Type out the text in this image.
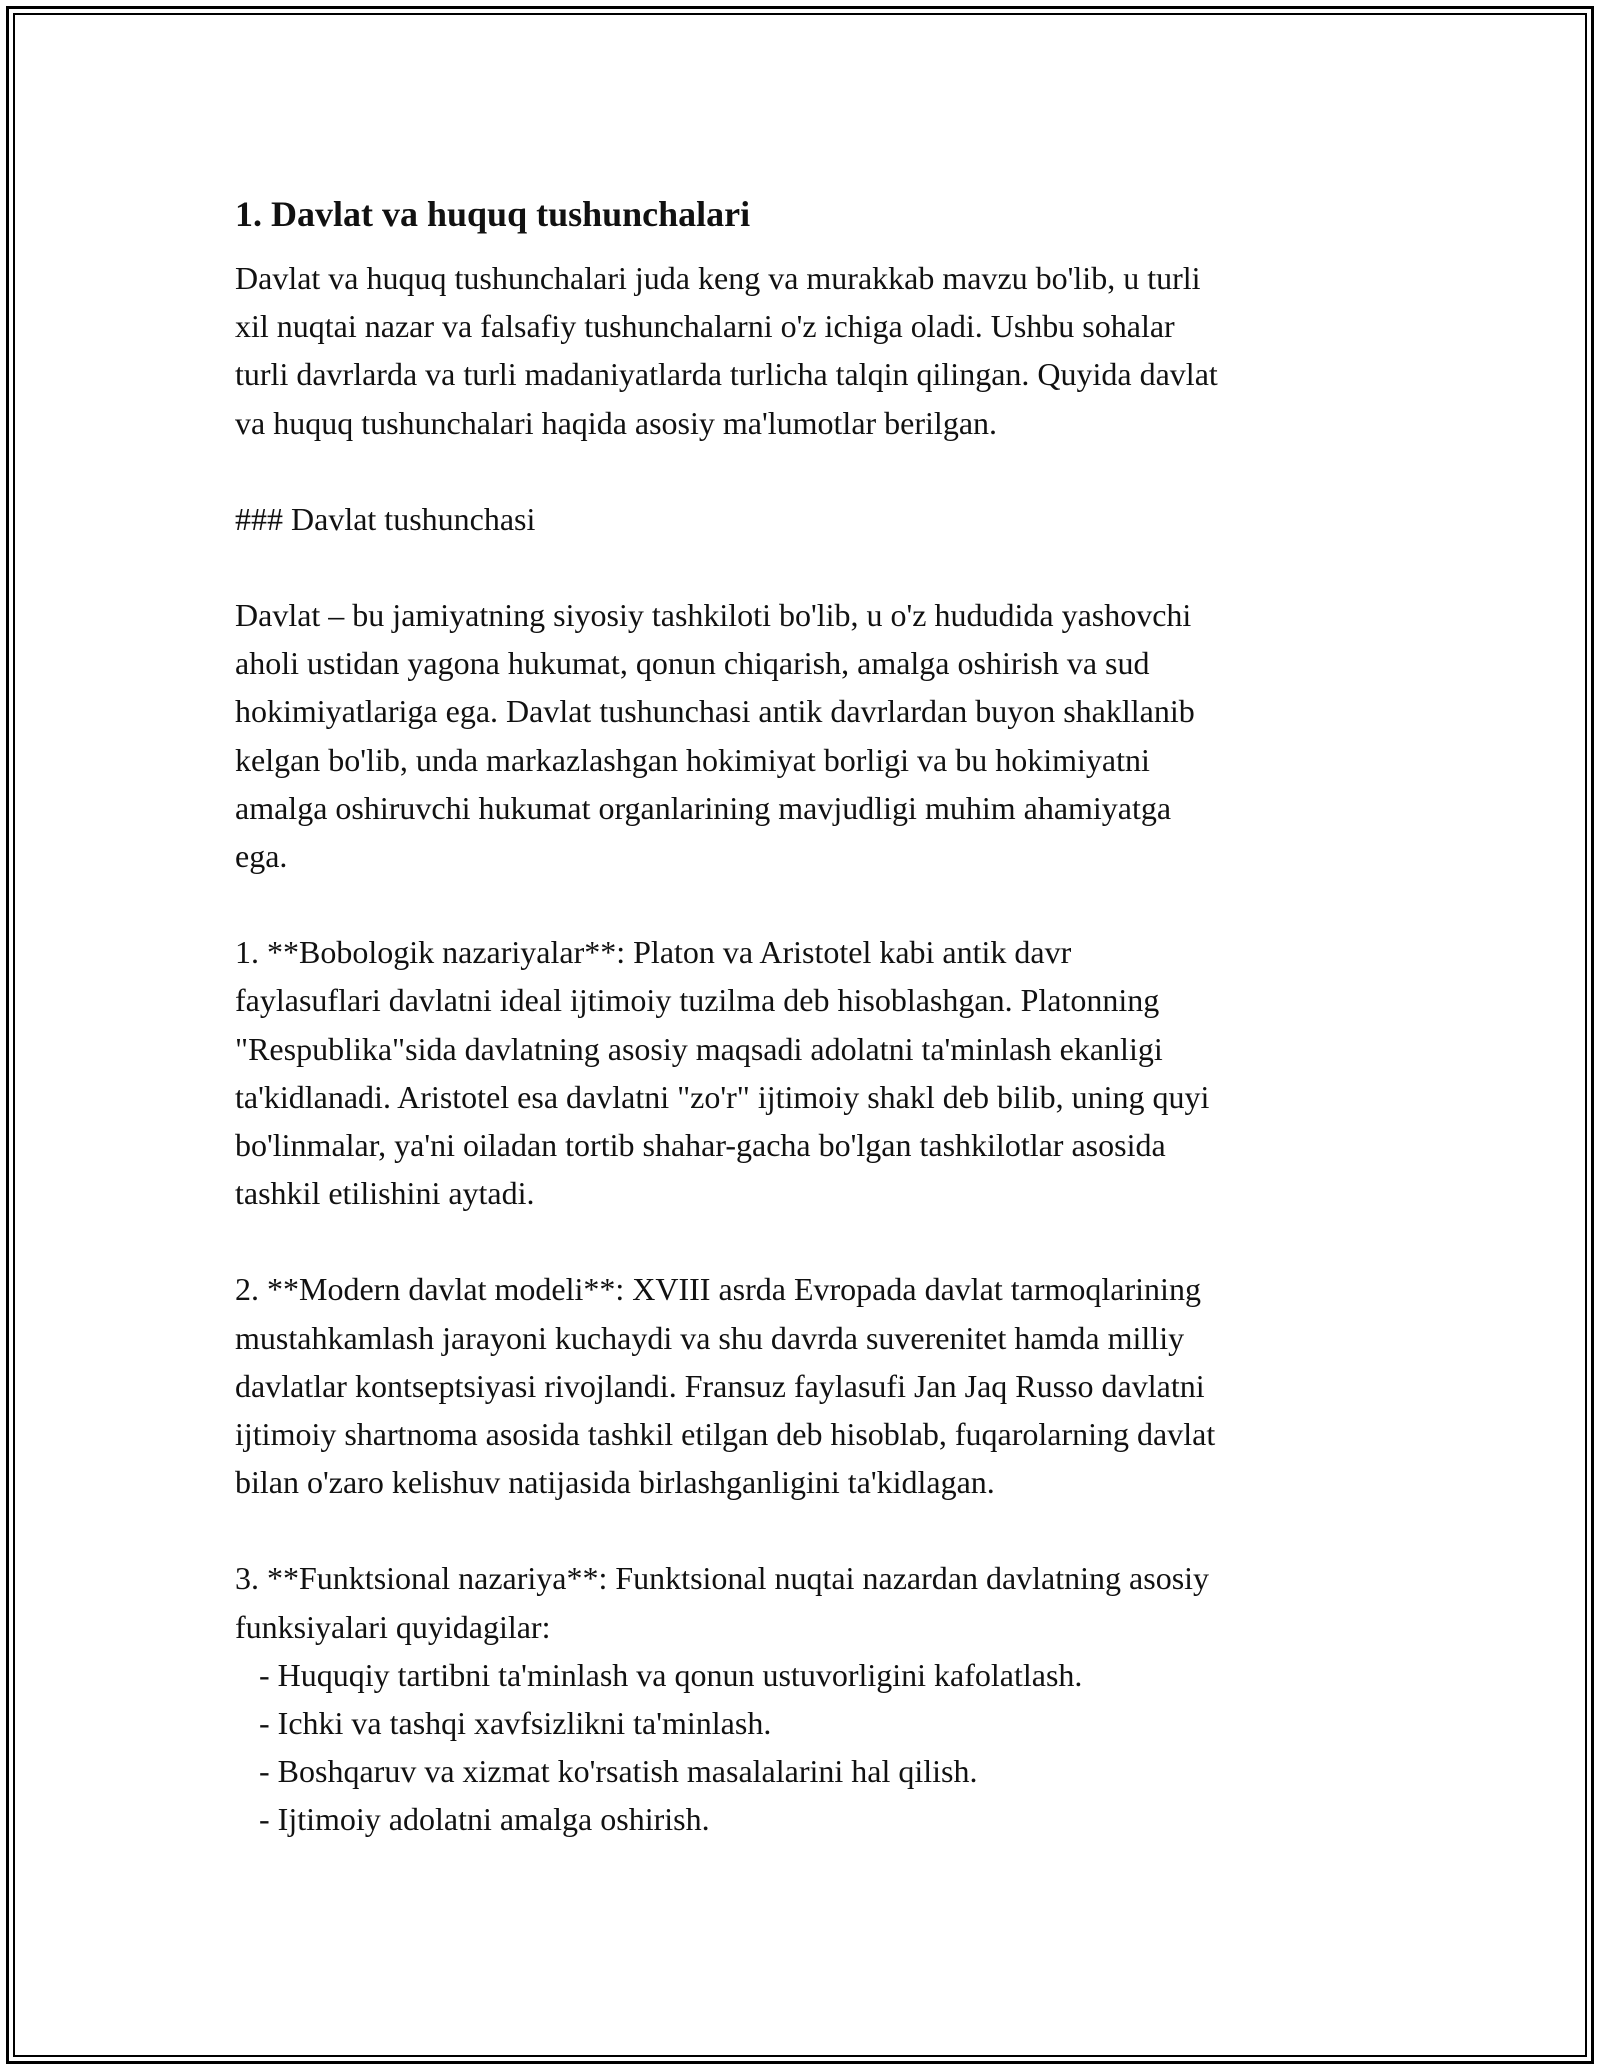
1. Davlat va huquq tushunchalari

Davlat va huquq tushunchalari juda keng va murakkab mavzu bo'lib, u turli
xil nuqtai nazar va falsafiy tushunchalarni o'z ichiga oladi. Ushbu sohalar
turli davrlarda va turli madaniyatlarda turlicha talqin qilingan. Quyida davlat
va huquq tushunchalari haqida asosiy ma'lumotlar berilgan.

### Davlat tushunchasi

Davlat – bu jamiyatning siyosiy tashkiloti bo'lib, u o'z hududida yashovchi
aholi ustidan yagona hukumat, qonun chiqarish, amalga oshirish va sud
hokimiyatlariga ega. Davlat tushunchasi antik davrlardan buyon shakllanib
kelgan bo'lib, unda markazlashgan hokimiyat borligi va bu hokimiyatni
amalga oshiruvchi hukumat organlarining mavjudligi muhim ahamiyatga
ega.

1. **Bobologik nazariyalar**: Platon va Aristotel kabi antik davr
faylasuflari davlatni ideal ijtimoiy tuzilma deb hisoblashgan. Platonning
"Respublika"sida davlatning asosiy maqsadi adolatni ta'minlash ekanligi
ta'kidlanadi. Aristotel esa davlatni "zo'r" ijtimoiy shakl deb bilib, uning quyi
bo'linmalar, ya'ni oiladan tortib shahar-gacha bo'lgan tashkilotlar asosida
tashkil etilishini aytadi.

2. **Modern davlat modeli**: XVIII asrda Evropada davlat tarmoqlarining
mustahkamlash jarayoni kuchaydi va shu davrda suverenitet hamda milliy
davlatlar kontseptsiyasi rivojlandi. Fransuz faylasufi Jan Jaq Russo davlatni
ijtimoiy shartnoma asosida tashkil etilgan deb hisoblab, fuqarolarning davlat
bilan o'zaro kelishuv natijasida birlashganligini ta'kidlagan.

3. **Funktsional nazariya**: Funktsional nuqtai nazardan davlatning asosiy
funksiyalari quyidagilar:
- Huquqiy tartibni ta'minlash va qonun ustuvorligini kafolatlash.
- Ichki va tashqi xavfsizlikni ta'minlash.
- Boshqaruv va xizmat ko'rsatish masalalarini hal qilish.
- Ijtimoiy adolatni amalga oshirish.
